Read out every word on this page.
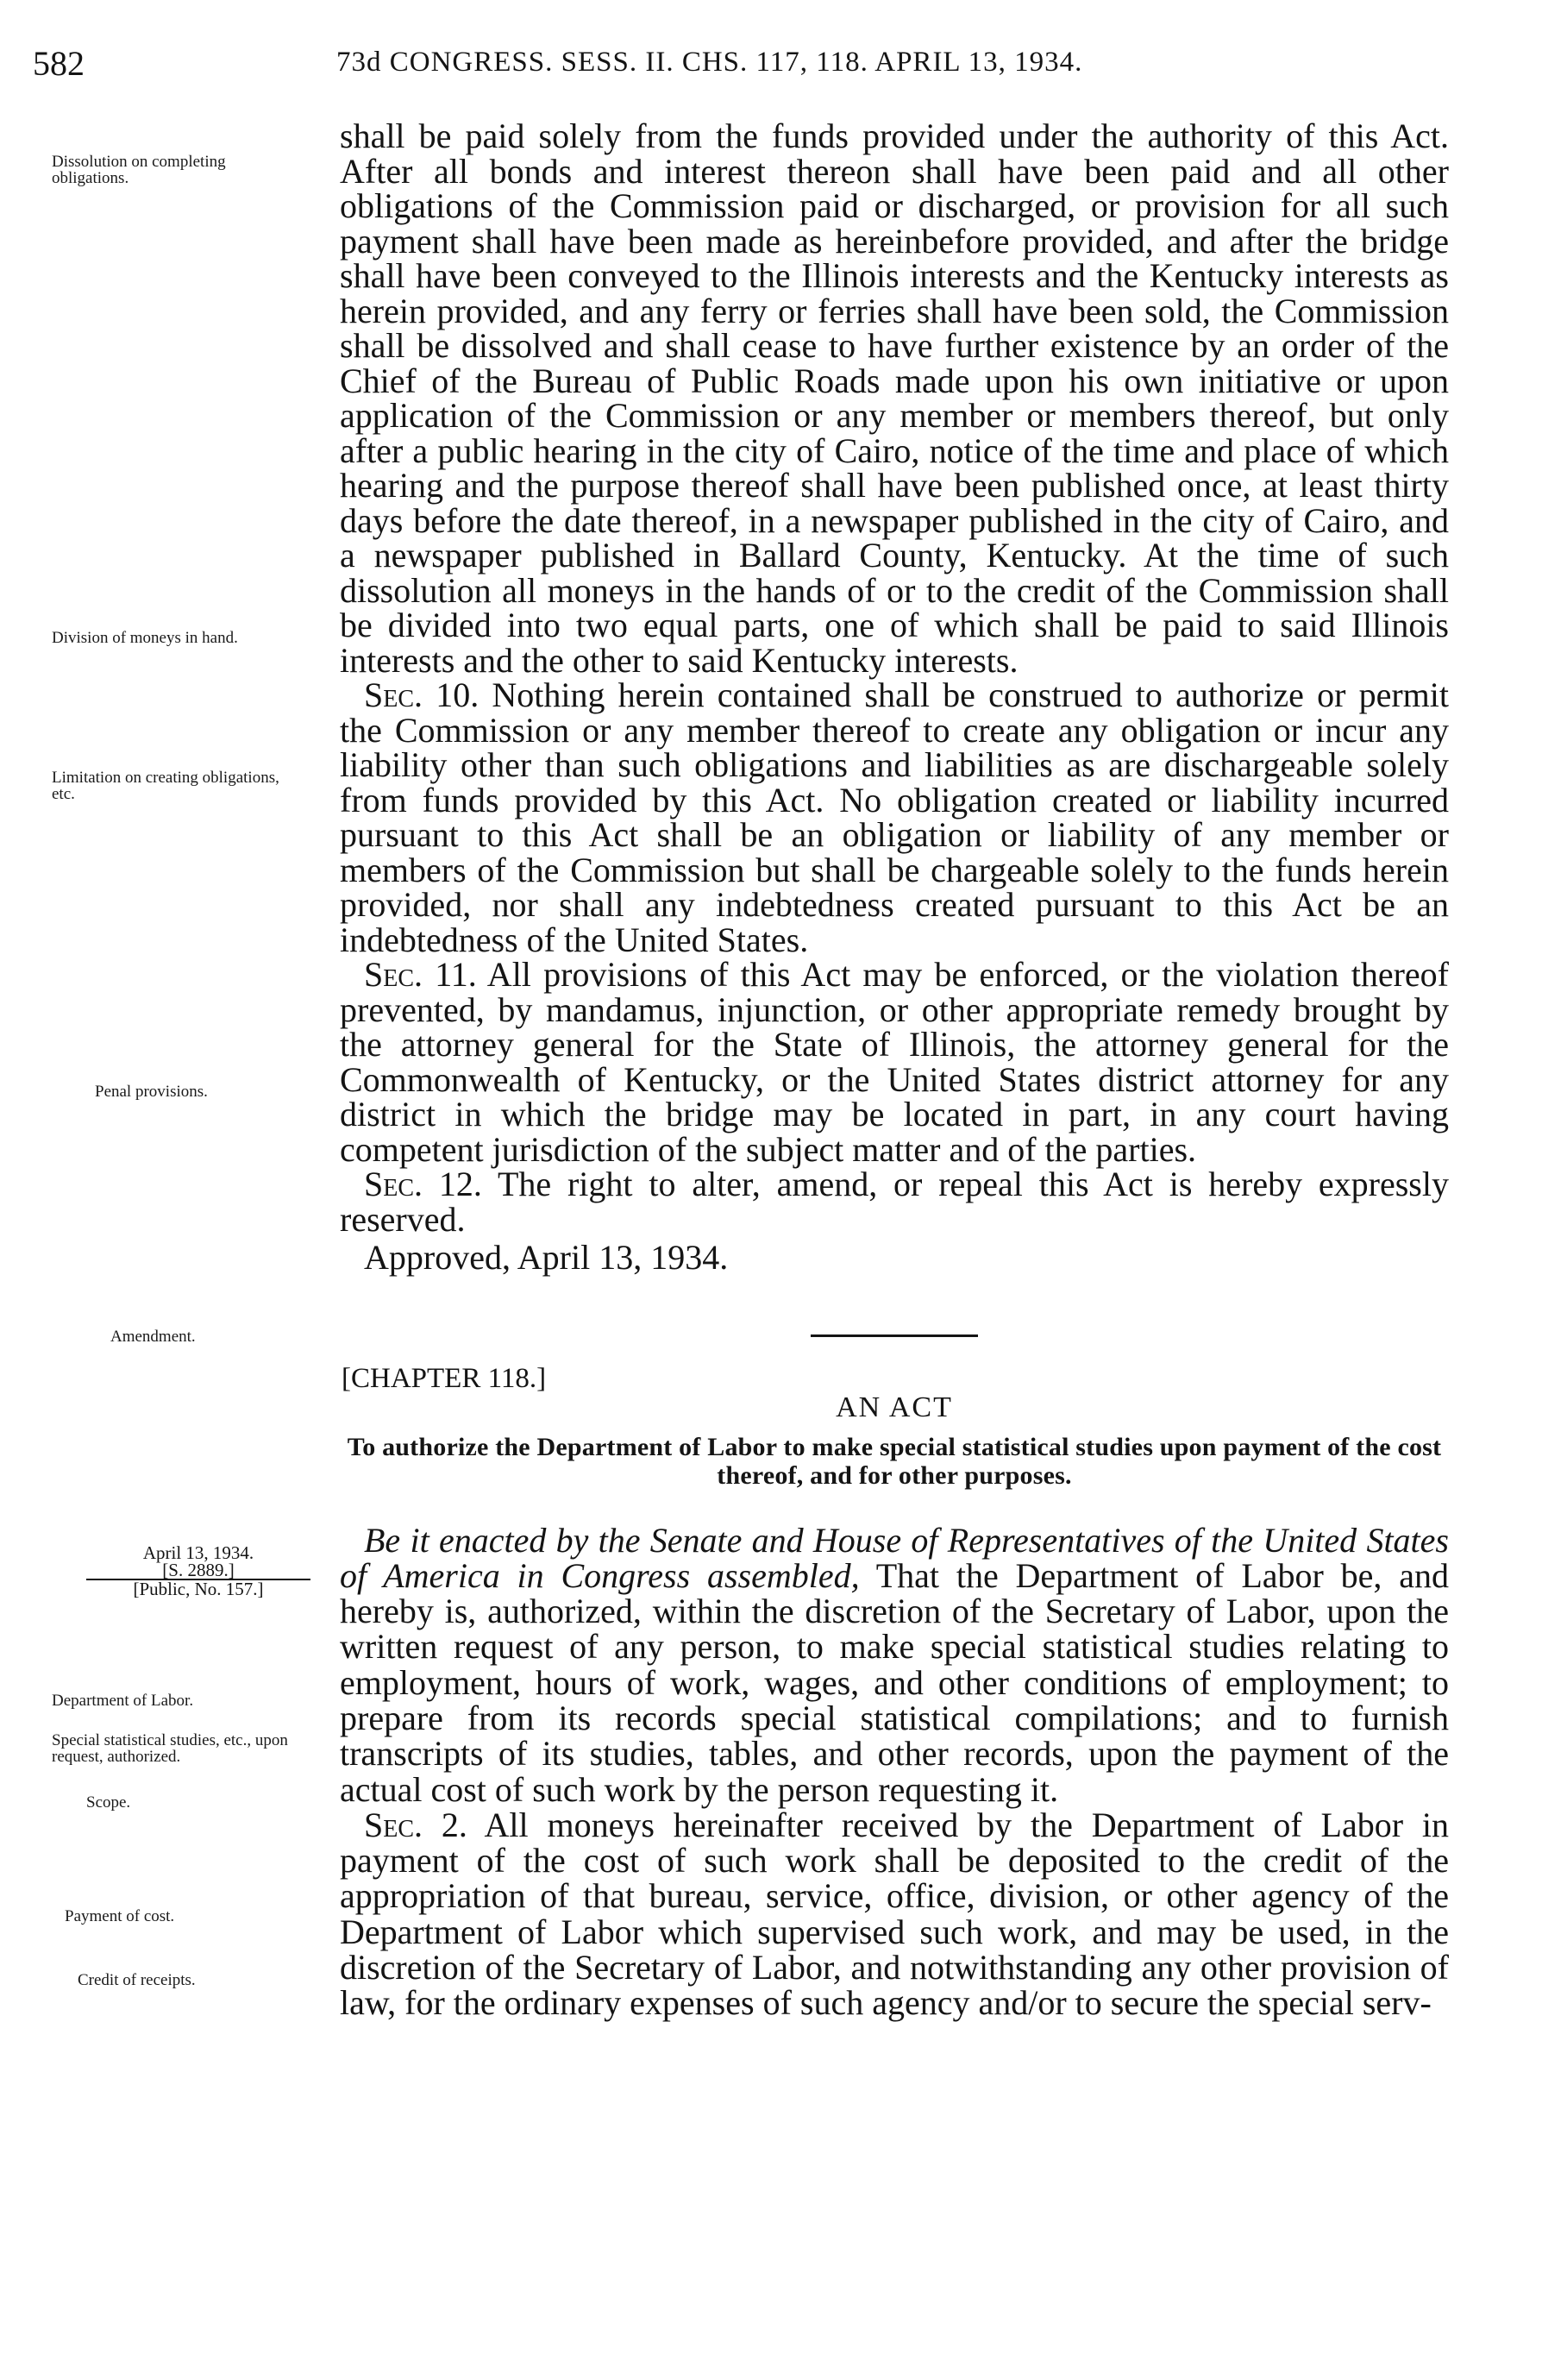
582	73d CONGRESS. SESS. II. CHS. 117, 118. APRIL 13, 1934.
Dissolution on completing obligations.
Division of moneys in hand.
Limitation on creating obligations, etc.
Penal provisions.
Amendment.
April 13, 1934.
[S. 2889.]
[Public, No. 157.]
Department of Labor.
Special statistical studies, etc., upon request, authorized.
Scope.
Payment of cost.
Credit of receipts.

shall be paid solely from the funds provided under the authority of this Act. After all bonds and interest thereon shall have been paid and all other obligations of the Commission paid or discharged, or provision for all such payment shall have been made as hereinbefore provided, and after the bridge shall have been conveyed to the Illinois interests and the Kentucky interests as herein provided, and any ferry or ferries shall have been sold, the Commission shall be dissolved and shall cease to have further existence by an order of the Chief of the Bureau of Public Roads made upon his own initiative or upon application of the Commission or any member or members thereof, but only after a public hearing in the city of Cairo, notice of the time and place of which hearing and the purpose thereof shall have been published once, at least thirty days before the date thereof, in a newspaper published in the city of Cairo, and a newspaper published in Ballard County, Kentucky. At the time of such dissolution all moneys in the hands of or to the credit of the Commission shall be divided into two equal parts, one of which shall be paid to said Illinois interests and the other to said Kentucky interests.

Sec. 10. Nothing herein contained shall be construed to authorize or permit the Commission or any member thereof to create any obligation or incur any liability other than such obligations and liabilities as are dischargeable solely from funds provided by this Act. No obligation created or liability incurred pursuant to this Act shall be an obligation or liability of any member or members of the Commission but shall be chargeable solely to the funds herein provided, nor shall any indebtedness created pursuant to this Act be an indebtedness of the United States.

Sec. 11. All provisions of this Act may be enforced, or the violation thereof prevented, by mandamus, injunction, or other appropriate remedy brought by the attorney general for the State of Illinois, the attorney general for the Commonwealth of Kentucky, or the United States district attorney for any district in which the bridge may be located in part, in any court having competent jurisdiction of the subject matter and of the parties.

Sec. 12. The right to alter, amend, or repeal this Act is hereby expressly reserved.

Approved, April 13, 1934.

[CHAPTER 118.]
AN ACT
To authorize the Department of Labor to make special statistical studies upon payment of the cost thereof, and for other purposes.

Be it enacted by the Senate and House of Representatives of the United States of America in Congress assembled, That the Department of Labor be, and hereby is, authorized, within the discretion of the Secretary of Labor, upon the written request of any person, to make special statistical studies relating to employment, hours of work, wages, and other conditions of employment; to prepare from its records special statistical compilations; and to furnish transcripts of its studies, tables, and other records, upon the payment of the actual cost of such work by the person requesting it.

Sec. 2. All moneys hereinafter received by the Department of Labor in payment of the cost of such work shall be deposited to the credit of the appropriation of that bureau, service, office, division, or other agency of the Department of Labor which supervised such work, and may be used, in the discretion of the Secretary of Labor, and notwithstanding any other provision of law, for the ordinary expenses of such agency and/or to secure the special serv-
